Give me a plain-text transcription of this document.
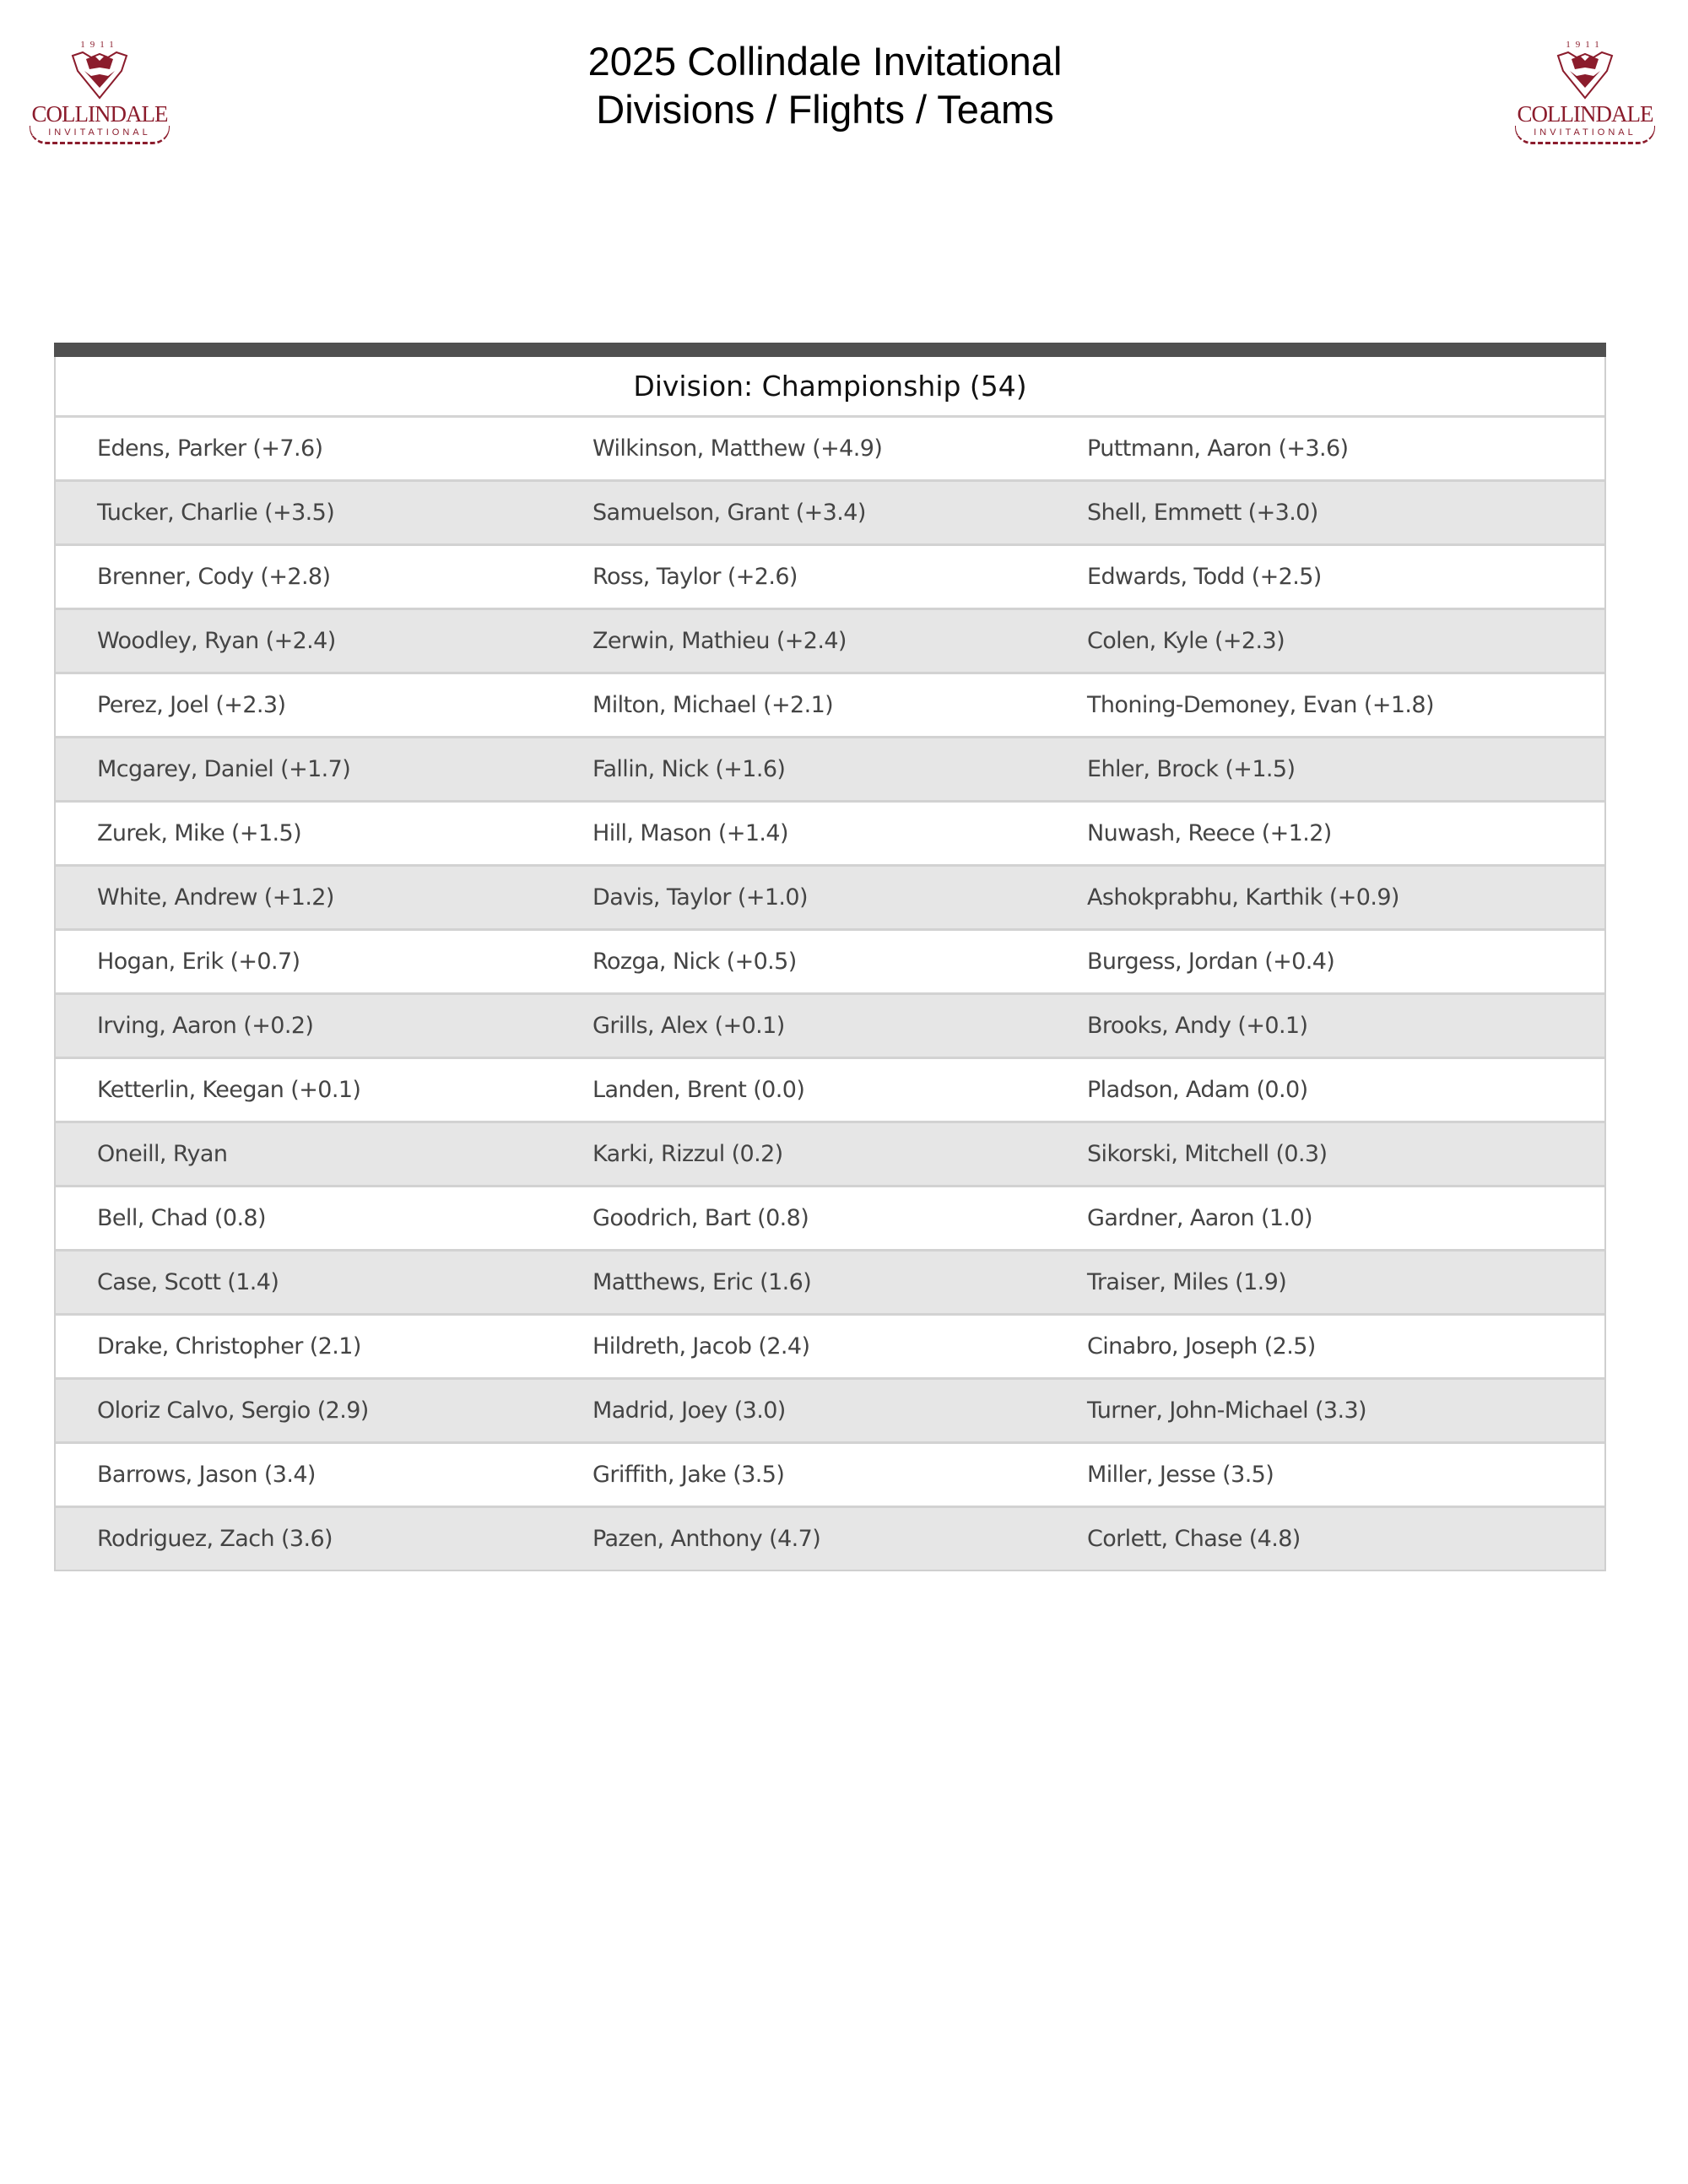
1911
COLLINDALE
INVITATIONAL
2025 Collindale Invitational
Divisions / Flights / Teams
1911
COLLINDALE
INVITATIONAL
Division: Championship (54)
Edens, Parker (+7.6)	Wilkinson, Matthew (+4.9)	Puttmann, Aaron (+3.6)
Tucker, Charlie (+3.5)	Samuelson, Grant (+3.4)	Shell, Emmett (+3.0)
Brenner, Cody (+2.8)	Ross, Taylor (+2.6)	Edwards, Todd (+2.5)
Woodley, Ryan (+2.4)	Zerwin, Mathieu (+2.4)	Colen, Kyle (+2.3)
Perez, Joel (+2.3)	Milton, Michael (+2.1)	Thoning-Demoney, Evan (+1.8)
Mcgarey, Daniel (+1.7)	Fallin, Nick (+1.6)	Ehler, Brock (+1.5)
Zurek, Mike (+1.5)	Hill, Mason (+1.4)	Nuwash, Reece (+1.2)
White, Andrew (+1.2)	Davis, Taylor (+1.0)	Ashokprabhu, Karthik (+0.9)
Hogan, Erik (+0.7)	Rozga, Nick (+0.5)	Burgess, Jordan (+0.4)
Irving, Aaron (+0.2)	Grills, Alex (+0.1)	Brooks, Andy (+0.1)
Ketterlin, Keegan (+0.1)	Landen, Brent (0.0)	Pladson, Adam (0.0)
Oneill, Ryan	Karki, Rizzul (0.2)	Sikorski, Mitchell (0.3)
Bell, Chad (0.8)	Goodrich, Bart (0.8)	Gardner, Aaron (1.0)
Case, Scott (1.4)	Matthews, Eric (1.6)	Traiser, Miles (1.9)
Drake, Christopher (2.1)	Hildreth, Jacob (2.4)	Cinabro, Joseph (2.5)
Oloriz Calvo, Sergio (2.9)	Madrid, Joey (3.0)	Turner, John-Michael (3.3)
Barrows, Jason (3.4)	Griffith, Jake (3.5)	Miller, Jesse (3.5)
Rodriguez, Zach (3.6)	Pazen, Anthony (4.7)	Corlett, Chase (4.8)
